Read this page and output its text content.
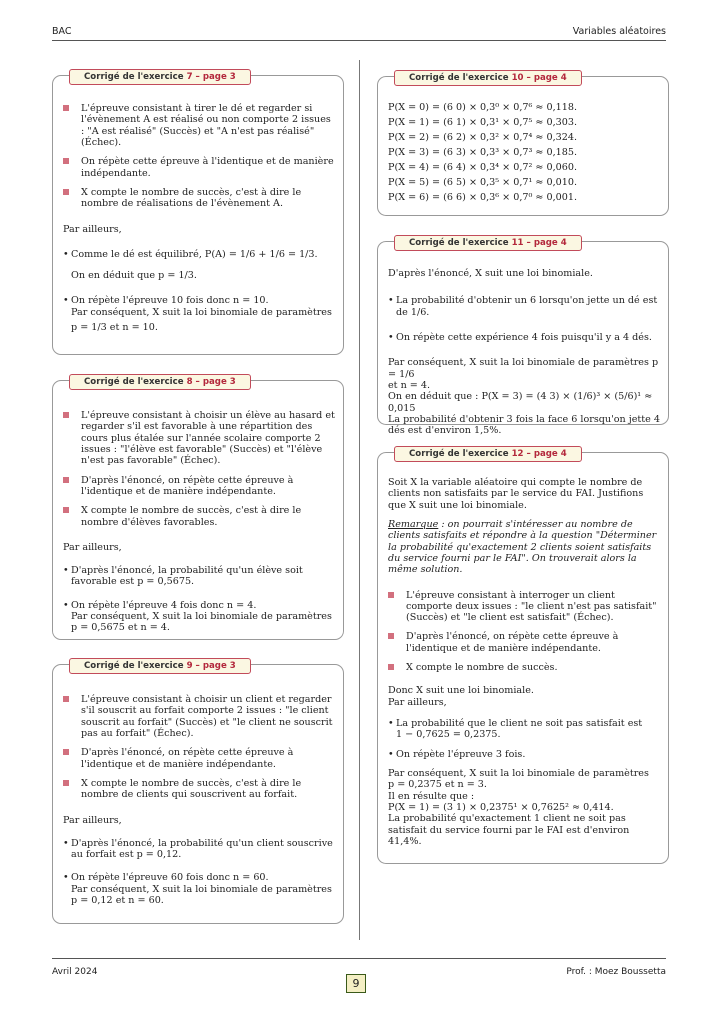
BAC	Variables aléatoires
Corrigé de l'exercice 7 – page 3
L'épreuve consistant à tirer le dé et regarder si l'évènement A est réalisé ou non comporte 2 issues : "A est réalisé" (Succès) et "A n'est pas réalisé" (Échec).
On répète cette épreuve à l'identique et de manière indépendante.
X compte le nombre de succès, c'est à dire le nombre de réalisations de l'évènement A.
Par ailleurs,
• Comme le dé est équilibré, P(A) = 1/6 + 1/6 = 1/3.
On en déduit que p = 1/3.
• On répète l'épreuve 10 fois donc n = 10.
Par conséquent, X suit la loi binomiale de paramètres
p = 1/3 et n = 10.
Corrigé de l'exercice 8 – page 3
L'épreuve consistant à choisir un élève au hasard et regarder s'il est favorable à une répartition des cours plus étalée sur l'année scolaire comporte 2 issues : "l'élève est favorable" (Succès) et "l'élève n'est pas favorable" (Échec).
D'après l'énoncé, on répète cette épreuve à l'identique et de manière indépendante.
X compte le nombre de succès, c'est à dire le nombre d'élèves favorables.
Par ailleurs,
• D'après l'énoncé, la probabilité qu'un élève soit favorable est p = 0,5675.
• On répète l'épreuve 4 fois donc n = 4.
Par conséquent, X suit la loi binomiale de paramètres
p = 0,5675 et n = 4.
Corrigé de l'exercice 9 – page 3
L'épreuve consistant à choisir un client et regarder s'il souscrit au forfait comporte 2 issues : "le client souscrit au forfait" (Succès) et "le client ne souscrit pas au forfait" (Échec).
D'après l'énoncé, on répète cette épreuve à l'identique et de manière indépendante.
X compte le nombre de succès, c'est à dire le nombre de clients qui souscrivent au forfait.
Par ailleurs,
• D'après l'énoncé, la probabilité qu'un client souscrive au forfait est p = 0,12.
• On répète l'épreuve 60 fois donc n = 60.
Par conséquent, X suit la loi binomiale de paramètres
p = 0,12 et n = 60.
Corrigé de l'exercice 10 – page 4
P(X = 0) = (6 0) × 0,3⁰ × 0,7⁶ ≈ 0,118.
P(X = 1) = (6 1) × 0,3¹ × 0,7⁵ ≈ 0,303.
P(X = 2) = (6 2) × 0,3² × 0,7⁴ ≈ 0,324.
P(X = 3) = (6 3) × 0,3³ × 0,7³ ≈ 0,185.
P(X = 4) = (6 4) × 0,3⁴ × 0,7² ≈ 0,060.
P(X = 5) = (6 5) × 0,3⁵ × 0,7¹ ≈ 0,010.
P(X = 6) = (6 6) × 0,3⁶ × 0,7⁰ ≈ 0,001.
Corrigé de l'exercice 11 – page 4
D'après l'énoncé, X suit une loi binomiale.
• La probabilité d'obtenir un 6 lorsqu'on jette un dé est de 1/6.
• On répète cette expérience 4 fois puisqu'il y a 4 dés.
Par conséquent, X suit la loi binomiale de paramètres p = 1/6
et n = 4.
On en déduit que : P(X = 3) = (4 3) × (1/6)³ × (5/6)¹ ≈ 0,015
La probabilité d'obtenir 3 fois la face 6 lorsqu'on jette 4 dés est d'environ 1,5%.
Corrigé de l'exercice 12 – page 4
Soit X la variable aléatoire qui compte le nombre de clients non satisfaits par le service du FAI. Justifions que X suit une loi binomiale.
Remarque : on pourrait s'intéresser au nombre de clients satisfaits et répondre à la question "Déterminer la probabilité qu'exactement 2 clients soient satisfaits du service fourni par le FAI". On trouverait alors la même solution.
L'épreuve consistant à interroger un client comporte deux issues : "le client n'est pas satisfait" (Succès) et "le client est satisfait" (Échec).
D'après l'énoncé, on répète cette épreuve à l'identique et de manière indépendante.
X compte le nombre de succès.
Donc X suit une loi binomiale.
Par ailleurs,
• La probabilité que le client ne soit pas satisfait est
1 − 0,7625 = 0,2375.
• On répète l'épreuve 3 fois.
Par conséquent, X suit la loi binomiale de paramètres
p = 0,2375 et n = 3.
Il en résulte que :
P(X = 1) = (3 1) × 0,2375¹ × 0,7625² ≈ 0,414.
La probabilité qu'exactement 1 client ne soit pas satisfait du service fourni par le FAI est d'environ 41,4%.
Avril 2024
9
Prof. : Moez Boussetta
